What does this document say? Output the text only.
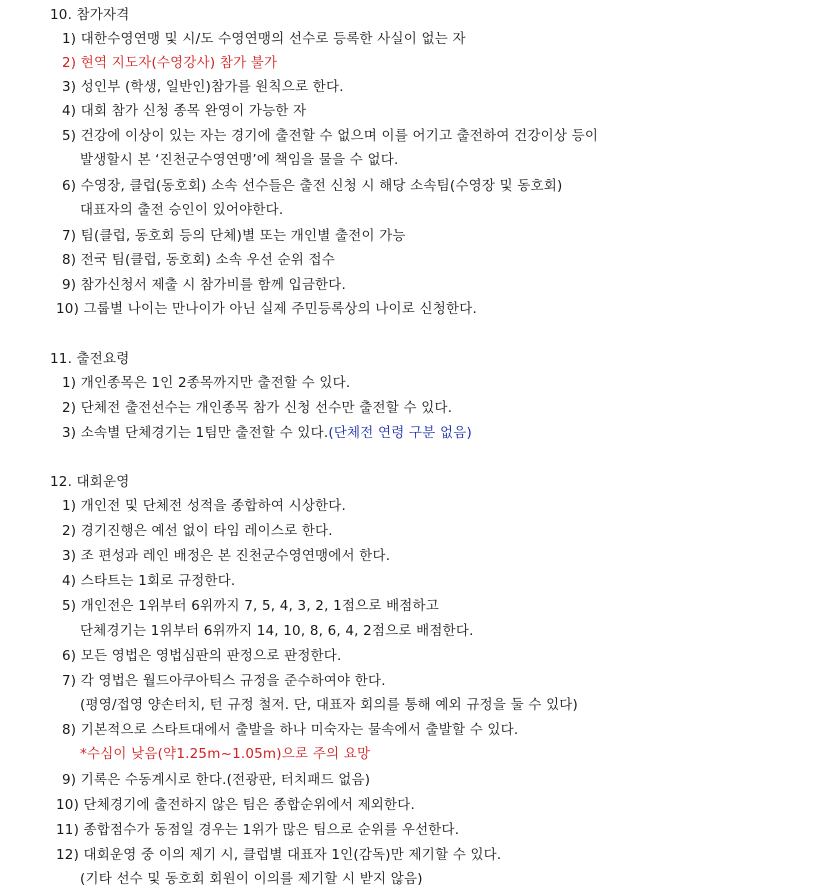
10. 참가자격
1) 대한수영연맹 및 시/도 수영연맹의 선수로 등록한 사실이 없는 자
2) 현역 지도자(수영강사) 참가 불가
3) 성인부 (학생, 일반인)참가를 원칙으로 한다.
4) 대회 참가 신청 종목 완영이 가능한 자
5) 건강에 이상이 있는 자는 경기에 출전할 수 없으며 이를 어기고 출전하여 건강이상 등이
발생할시 본 ‘진천군수영연맹’에 책임을 물을 수 없다.
6) 수영장, 클럽(동호회) 소속 선수들은 출전 신청 시 해당 소속팀(수영장 및 동호회)
대표자의 출전 승인이 있어야한다.
7) 팀(클럽, 동호회 등의 단체)별 또는 개인별 출전이 가능
8) 전국 팀(클럽, 동호회) 소속 우선 순위 접수
9) 참가신청서 제출 시 참가비를 함께 입금한다.
10) 그룹별 나이는 만나이가 아닌 실제 주민등록상의 나이로 신청한다.
11. 출전요령
1) 개인종목은 1인 2종목까지만 출전할 수 있다.
2) 단체전 출전선수는 개인종목 참가 신청 선수만 출전할 수 있다.
3) 소속별 단체경기는 1팀만 출전할 수 있다.(단체전 연령 구분 없음)
12. 대회운영
1) 개인전 및 단체전 성적을 종합하여 시상한다.
2) 경기진행은 예선 없이 타임 레이스로 한다.
3) 조 편성과 레인 배정은 본 진천군수영연맹에서 한다.
4) 스타트는 1회로 규정한다.
5) 개인전은 1위부터 6위까지 7, 5, 4, 3, 2, 1점으로 배점하고
단체경기는 1위부터 6위까지 14, 10, 8, 6, 4, 2점으로 배점한다.
6) 모든 영법은 영법심판의 판정으로 판정한다.
7) 각 영법은 월드아쿠아틱스 규정을 준수하여야 한다.
(평영/접영 양손터치, 턴 규정 철저. 단, 대표자 회의를 통해 예외 규정을 둘 수 있다)
8) 기본적으로 스타트대에서 출발을 하나 미숙자는 물속에서 출발할 수 있다.
*수심이 낮음(약1.25m~1.05m)으로 주의 요망
9) 기록은 수동계시로 한다.(전광판, 터치패드 없음)
10) 단체경기에 출전하지 않은 팀은 종합순위에서 제외한다.
11) 종합점수가 동점일 경우는 1위가 많은 팀으로 순위를 우선한다.
12) 대회운영 중 이의 제기 시, 클럽별 대표자 1인(감독)만 제기할 수 있다.
(기타 선수 및 동호회 회원이 이의를 제기할 시 받지 않음)
